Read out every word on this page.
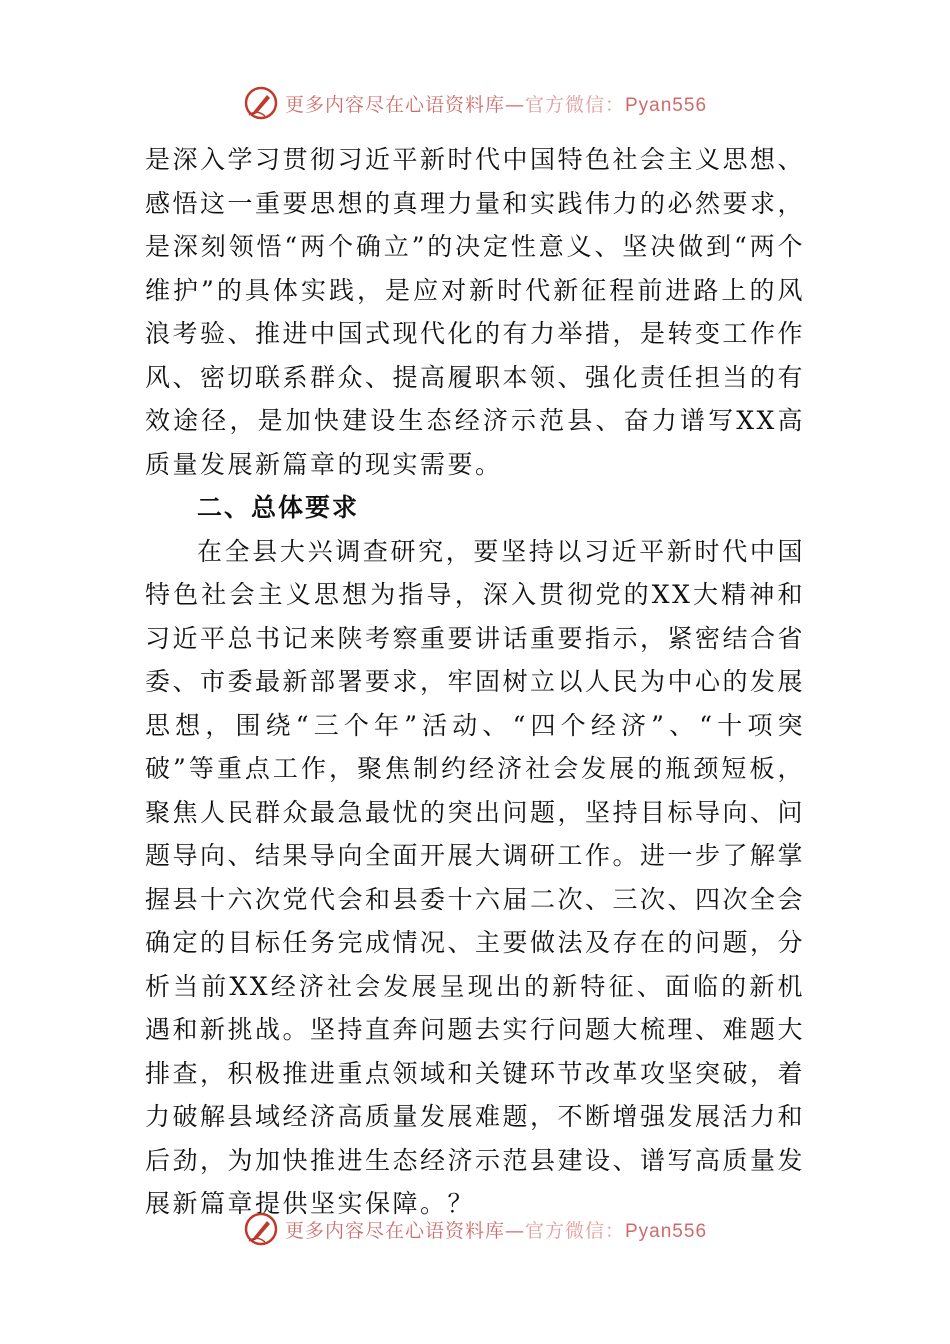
更多内容尽在心语资料库—官方微信：Pyan556

是深入学习贯彻习近平新时代中国特色社会主义思想、感悟这一重要思想的真理力量和实践伟力的必然要求，是深刻领悟“两个确立”的决定性意义、坚决做到“两个维护”的具体实践，是应对新时代新征程前进路上的风浪考验、推进中国式现代化的有力举措，是转变工作作风、密切联系群众、提高履职本领、强化责任担当的有效途径，是加快建设生态经济示范县、奋力谱写XX高质量发展新篇章的现实需要。

二、总体要求

在全县大兴调查研究，要坚持以习近平新时代中国特色社会主义思想为指导，深入贯彻党的XX大精神和习近平总书记来陕考察重要讲话重要指示，紧密结合省委、市委最新部署要求，牢固树立以人民为中心的发展思想，围绕“三个年”活动、“四个经济”、“十项突破”等重点工作，聚焦制约经济社会发展的瓶颈短板，聚焦人民群众最急最忧的突出问题，坚持目标导向、问题导向、结果导向全面开展大调研工作。进一步了解掌握县十六次党代会和县委十六届二次、三次、四次全会确定的目标任务完成情况、主要做法及存在的问题，分析当前XX经济社会发展呈现出的新特征、面临的新机遇和新挑战。坚持直奔问题去实行问题大梳理、难题大排查，积极推进重点领域和关键环节改革攻坚突破，着力破解县域经济高质量发展难题，不断增强发展活力和后劲，为加快推进生态经济示范县建设、谱写高质量发展新篇章提供坚实保障。？

更多内容尽在心语资料库—官方微信：Pyan556
